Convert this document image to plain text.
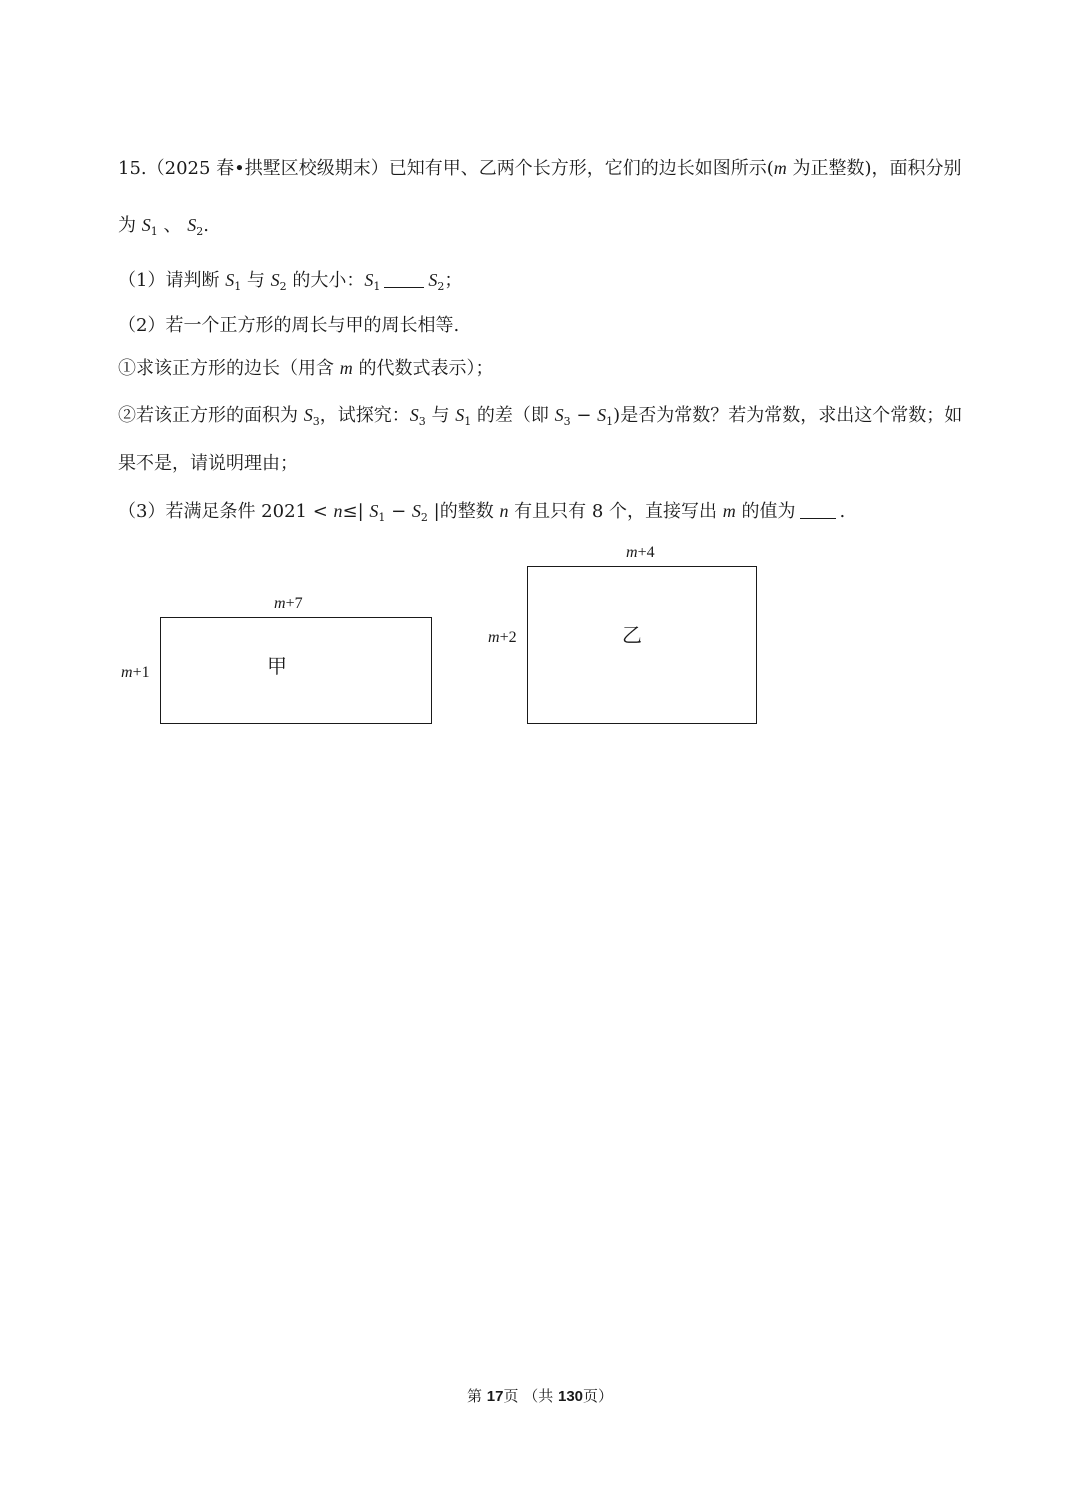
15.（2025 春•拱墅区校级期末）已知有甲、乙两个长方形，它们的边长如图所示(m 为正整数)，面积分别
为 $S_1$ 、 $S_2$.
（1）请判断 $S_1$ 与 $S_2$ 的大小：$S_1$	$S_2$；
（2）若一个正方形的周长与甲的周长相等.
①求该正方形的边长（用含 m 的代数式表示）；
②若该正方形的面积为 $S_3$，试探究：$S_3$ 与 $S_1$ 的差（即 $S_3 - S_1$)是否为常数？若为常数，求出这个常数；如
果不是，请说明理由；
（3）若满足条件 2021 < n≤| $S_1 - S_2$ |的整数 n 有且只有 8 个，直接写出 m 的值为 .
m+7
m+1	甲
m+4
m+2	乙
第 17页 （共 130页）
